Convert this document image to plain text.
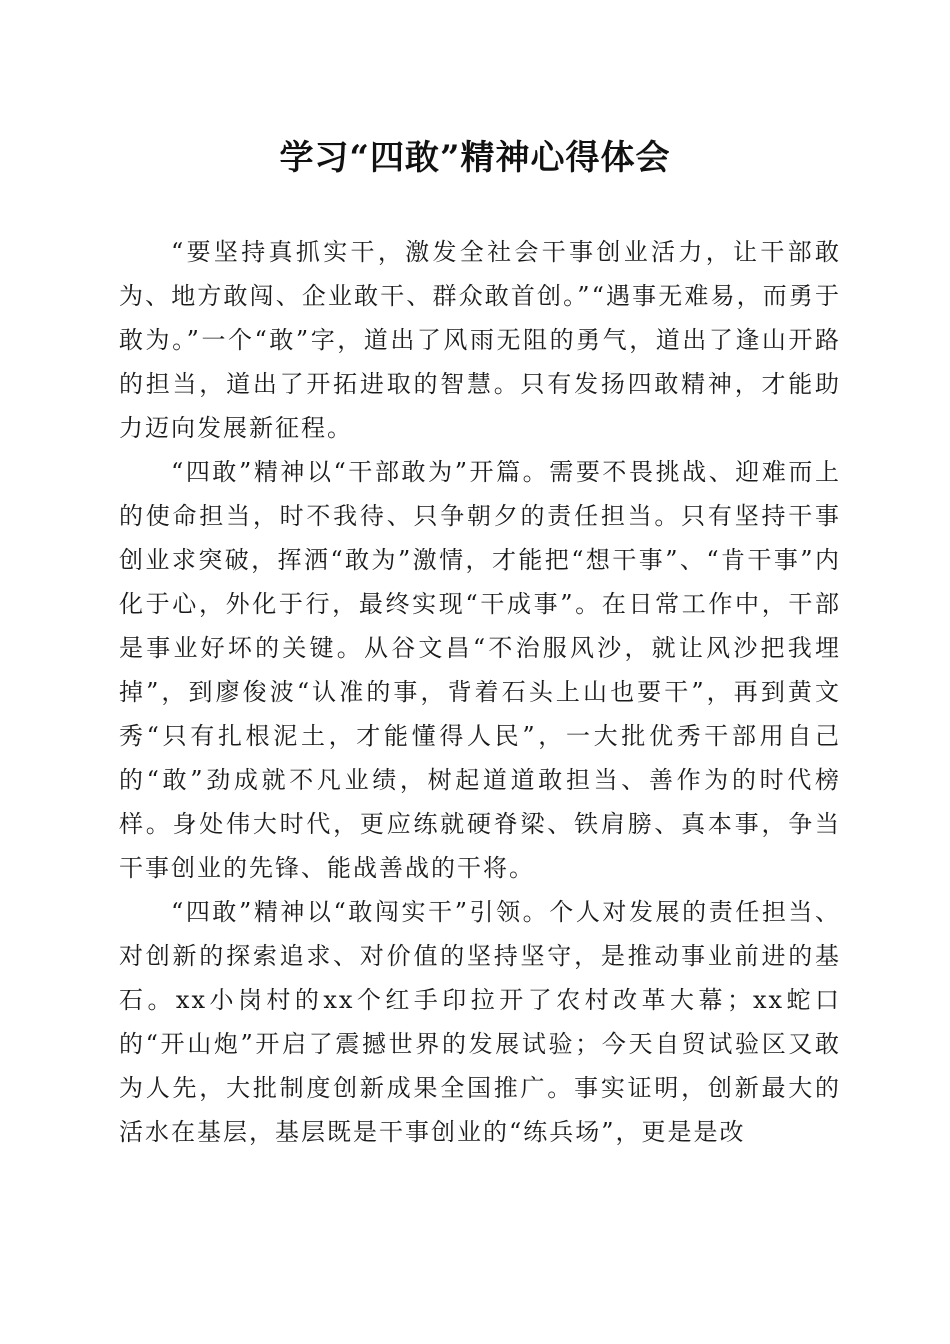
学习“四敢”精神心得体会

“要坚持真抓实干，激发全社会干事创业活力，让干部敢为、地方敢闯、企业敢干、群众敢首创。”“遇事无难易，而勇于敢为。”一个“敢”字，道出了风雨无阻的勇气，道出了逢山开路的担当，道出了开拓进取的智慧。只有发扬四敢精神，才能助力迈向发展新征程。

“四敢”精神以“干部敢为”开篇。需要不畏挑战、迎难而上的使命担当，时不我待、只争朝夕的责任担当。只有坚持干事创业求突破，挥洒“敢为”激情，才能把“想干事”、“肯干事”内化于心，外化于行，最终实现“干成事”。在日常工作中，干部是事业好坏的关键。从谷文昌“不治服风沙，就让风沙把我埋掉”，到廖俊波“认准的事，背着石头上山也要干”，再到黄文秀“只有扎根泥土，才能懂得人民”，一大批优秀干部用自己的“敢”劲成就不凡业绩，树起道道敢担当、善作为的时代榜样。身处伟大时代，更应练就硬脊梁、铁肩膀、真本事，争当干事创业的先锋、能战善战的干将。

“四敢”精神以“敢闯实干”引领。个人对发展的责任担当、对创新的探索追求、对价值的坚持坚守，是推动事业前进的基石。xx小岗村的xx个红手印拉开了农村改革大幕；xx蛇口的“开山炮”开启了震撼世界的发展试验；今天自贸试验区又敢为人先，大批制度创新成果全国推广。事实证明，创新最大的活水在基层，基层既是干事创业的“练兵场”，更是是改
